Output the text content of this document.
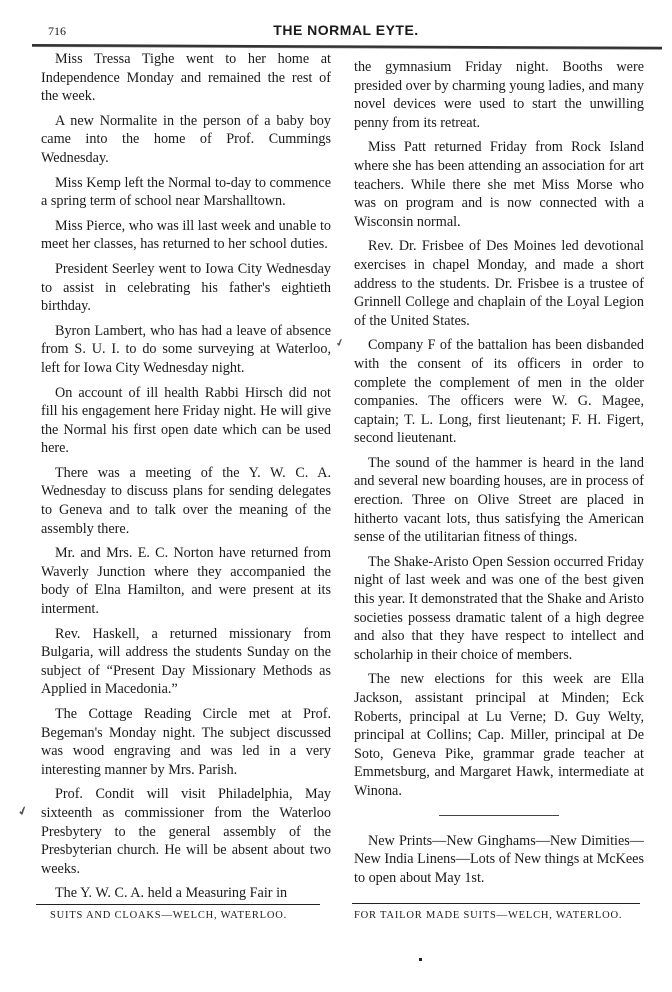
716	THE NORMAL EYTE.

Miss Tressa Tighe went to her home at Independence Monday and remained the rest of the week.

A new Normalite in the person of a baby boy came into the home of Prof. Cummings Wednesday.

Miss Kemp left the Normal to-day to commence a spring term of school near Marshalltown.

Miss Pierce, who was ill last week and unable to meet her classes, has returned to her school duties.

President Seerley went to Iowa City Wednesday to assist in celebrating his father's eightieth birthday.

Byron Lambert, who has had a leave of absence from S. U. I. to do some surveying at Waterloo, left for Iowa City Wednesday night.

On account of ill health Rabbi Hirsch did not fill his engagement here Friday night. He will give the Normal his first open date which can be used here.

There was a meeting of the Y. W. C. A. Wednesday to discuss plans for sending delegates to Geneva and to talk over the meaning of the assembly there.

Mr. and Mrs. E. C. Norton have returned from Waverly Junction where they accompanied the body of Elna Hamilton, and were present at its interment.

Rev. Haskell, a returned missionary from Bulgaria, will address the students Sunday on the subject of “Present Day Missionary Methods as Applied in Macedonia.”

The Cottage Reading Circle met at Prof. Begeman's Monday night. The subject discussed was wood engraving and was led in a very interesting manner by Mrs. Parish.

Prof. Condit will visit Philadelphia, May sixteenth as commissioner from the Waterloo Presbytery to the general assembly of the Presbyterian church. He will be absent about two weeks.

The Y. W. C. A. held a Measuring Fair in

the gymnasium Friday night. Booths were presided over by charming young ladies, and many novel devices were used to start the unwilling penny from its retreat.

Miss Patt returned Friday from Rock Island where she has been attending an association for art teachers. While there she met Miss Morse who was on program and is now connected with a Wisconsin normal.

Rev. Dr. Frisbee of Des Moines led devotional exercises in chapel Monday, and made a short address to the students. Dr. Frisbee is a trustee of Grinnell College and chaplain of the Loyal Legion of the United States.

Company F of the battalion has been disbanded with the consent of its officers in order to complete the complement of men in the older companies. The officers were W. G. Magee, captain; T. L. Long, first lieutenant; F. H. Figert, second lieutenant.

The sound of the hammer is heard in the land and several new boarding houses, are in process of erection. Three on Olive Street are placed in hitherto vacant lots, thus satisfying the American sense of the utilitarian fitness of things.

The Shake-Aristo Open Session occurred Friday night of last week and was one of the best given this year. It demonstrated that the Shake and Aristo societies possess dramatic talent of a high degree and also that they have respect to intellect and scholarhip in their choice of members.

The new elections for this week are Ella Jackson, assistant principal at Minden; Eck Roberts, principal at Lu Verne; D. Guy Welty, principal at Collins; Cap. Miller, principal at De Soto, Geneva Pike, grammar grade teacher at Emmetsburg, and Margaret Hawk, intermediate at Winona.

New Prints—New Ginghams—New Dimities—New India Linens—Lots of New things at McKees to open about May 1st.

SUITS AND CLOAKS—WELCH, WATERLOO.	FOR TAILOR MADE SUITS—WELCH, WATERLOO.
✔
✔
